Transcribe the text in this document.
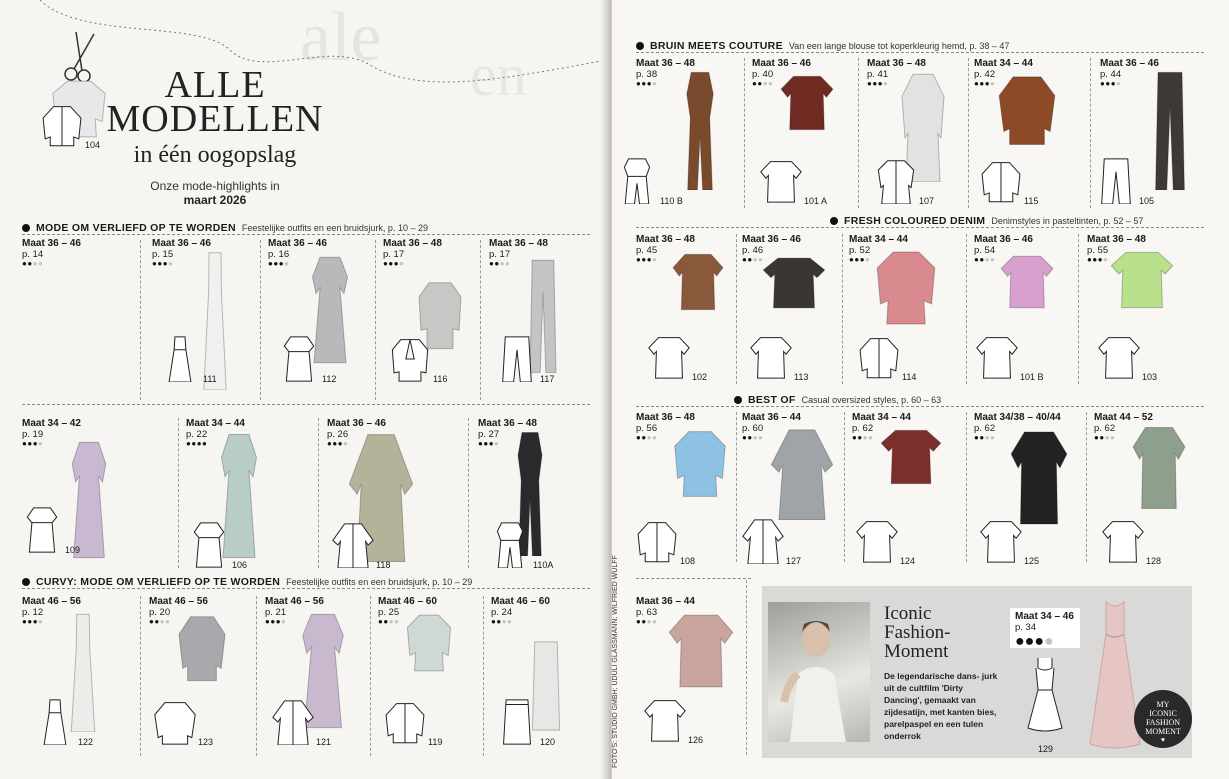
ale en
ALLE
MODELLEN
in één oogopslag
Onze mode-highlights in
maart 2026
MODE OM VERLIEFD OP TE WORDEN Feestelijke outfits en een bruidsjurk, p. 10 – 29
Maat 36 – 46
p. 14
●●●●
104
Maat 36 – 46
p. 15
●●●●
111
Maat 36 – 46
p. 16
●●●●
112
Maat 36 – 48
p. 17
●●●●
116
Maat 36 – 48
p. 17
●●●●
117
Maat 34 – 42
p. 19
●●●●
109
Maat 34 – 44
p. 22
●●●●
106
Maat 36 – 46
p. 26
●●●●
118
Maat 36 – 48
p. 27
●●●●
110A
Maat 46 – 56
p. 12
●●●●
122
Maat 46 – 56
p. 20
●●●●
123
Maat 46 – 56
p. 21
●●●●
121
Maat 46 – 60
p. 25
●●●●
119
Maat 46 – 60
p. 24
●●●●
120
CURVY: MODE OM VERLIEFD OP TE WORDEN Feestelijke outfits en een bruidsjurk, p. 10 – 29
BRUIN MEETS COUTURE Van een lange blouse tot koperkleurig hemd, p. 38 – 47
FRESH COLOURED DENIM Denimstyles in pasteltinten, p. 52 – 57
BEST OF Casual oversized styles, p. 60 – 63
Maat 36 – 48
p. 38
●●●●
110 B
Maat 36 – 46
p. 40
●●●●
101 A
Maat 36 – 48
p. 41
●●●●
107
Maat 34 – 44
p. 42
●●●●
115
Maat 36 – 46
p. 44
●●●●
105
Maat 36 – 48
p. 45
●●●●
102
Maat 36 – 46
p. 46
●●●●
113
Maat 34 – 44
p. 52
●●●●
114
Maat 36 – 46
p. 54
●●●●
101 B
Maat 36 – 48
p. 55
●●●●
103
Maat 36 – 48
p. 56
●●●●
108
Maat 36 – 44
p. 60
●●●●
127
Maat 34 – 44
p. 62
●●●●
124
Maat 34/38 – 40/44
p. 62
●●●●
125
Maat 44 – 52
p. 62
●●●●
128
Maat 36 – 44
p. 63
●●●●
126
Iconic
Fashion-
Moment
De legendarische dans- jurk uit de cultfilm 'Dirty Dancing', gemaakt van zijdesatijn, met kanten bies, parelpaspel en een tulen onderrok
Maat 34 – 46
p. 34
●●●●
129
MY
ICONIC
FASHION
MOMENT
♥
FOTO'S: STUDIO GMBH; UDULI GLASSMANN; WILFRIED WULFF
